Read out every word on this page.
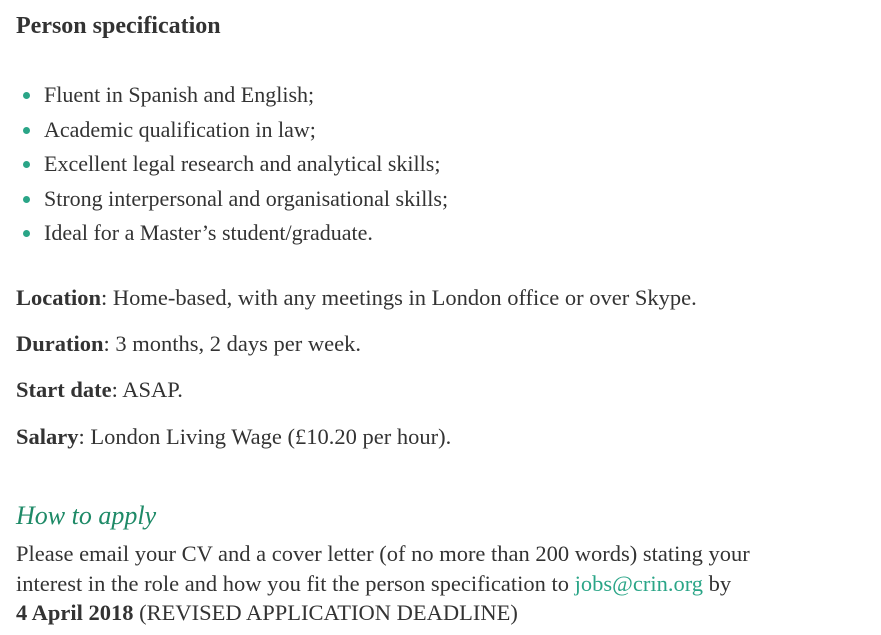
Person specification
Fluent in Spanish and English;
Academic qualification in law;
Excellent legal research and analytical skills;
Strong interpersonal and organisational skills;
Ideal for a Master’s student/graduate.

Location: Home-based, with any meetings in London office or over Skype.

Duration: 3 months, 2 days per week.

Start date: ASAP.

Salary: London Living Wage (£10.20 per hour).

How to apply

Please email your CV and a cover letter (of no more than 200 words) stating your
interest in the role and how you fit the person specification to jobs@crin.org by
4 April 2018 (REVISED APPLICATION DEADLINE)
